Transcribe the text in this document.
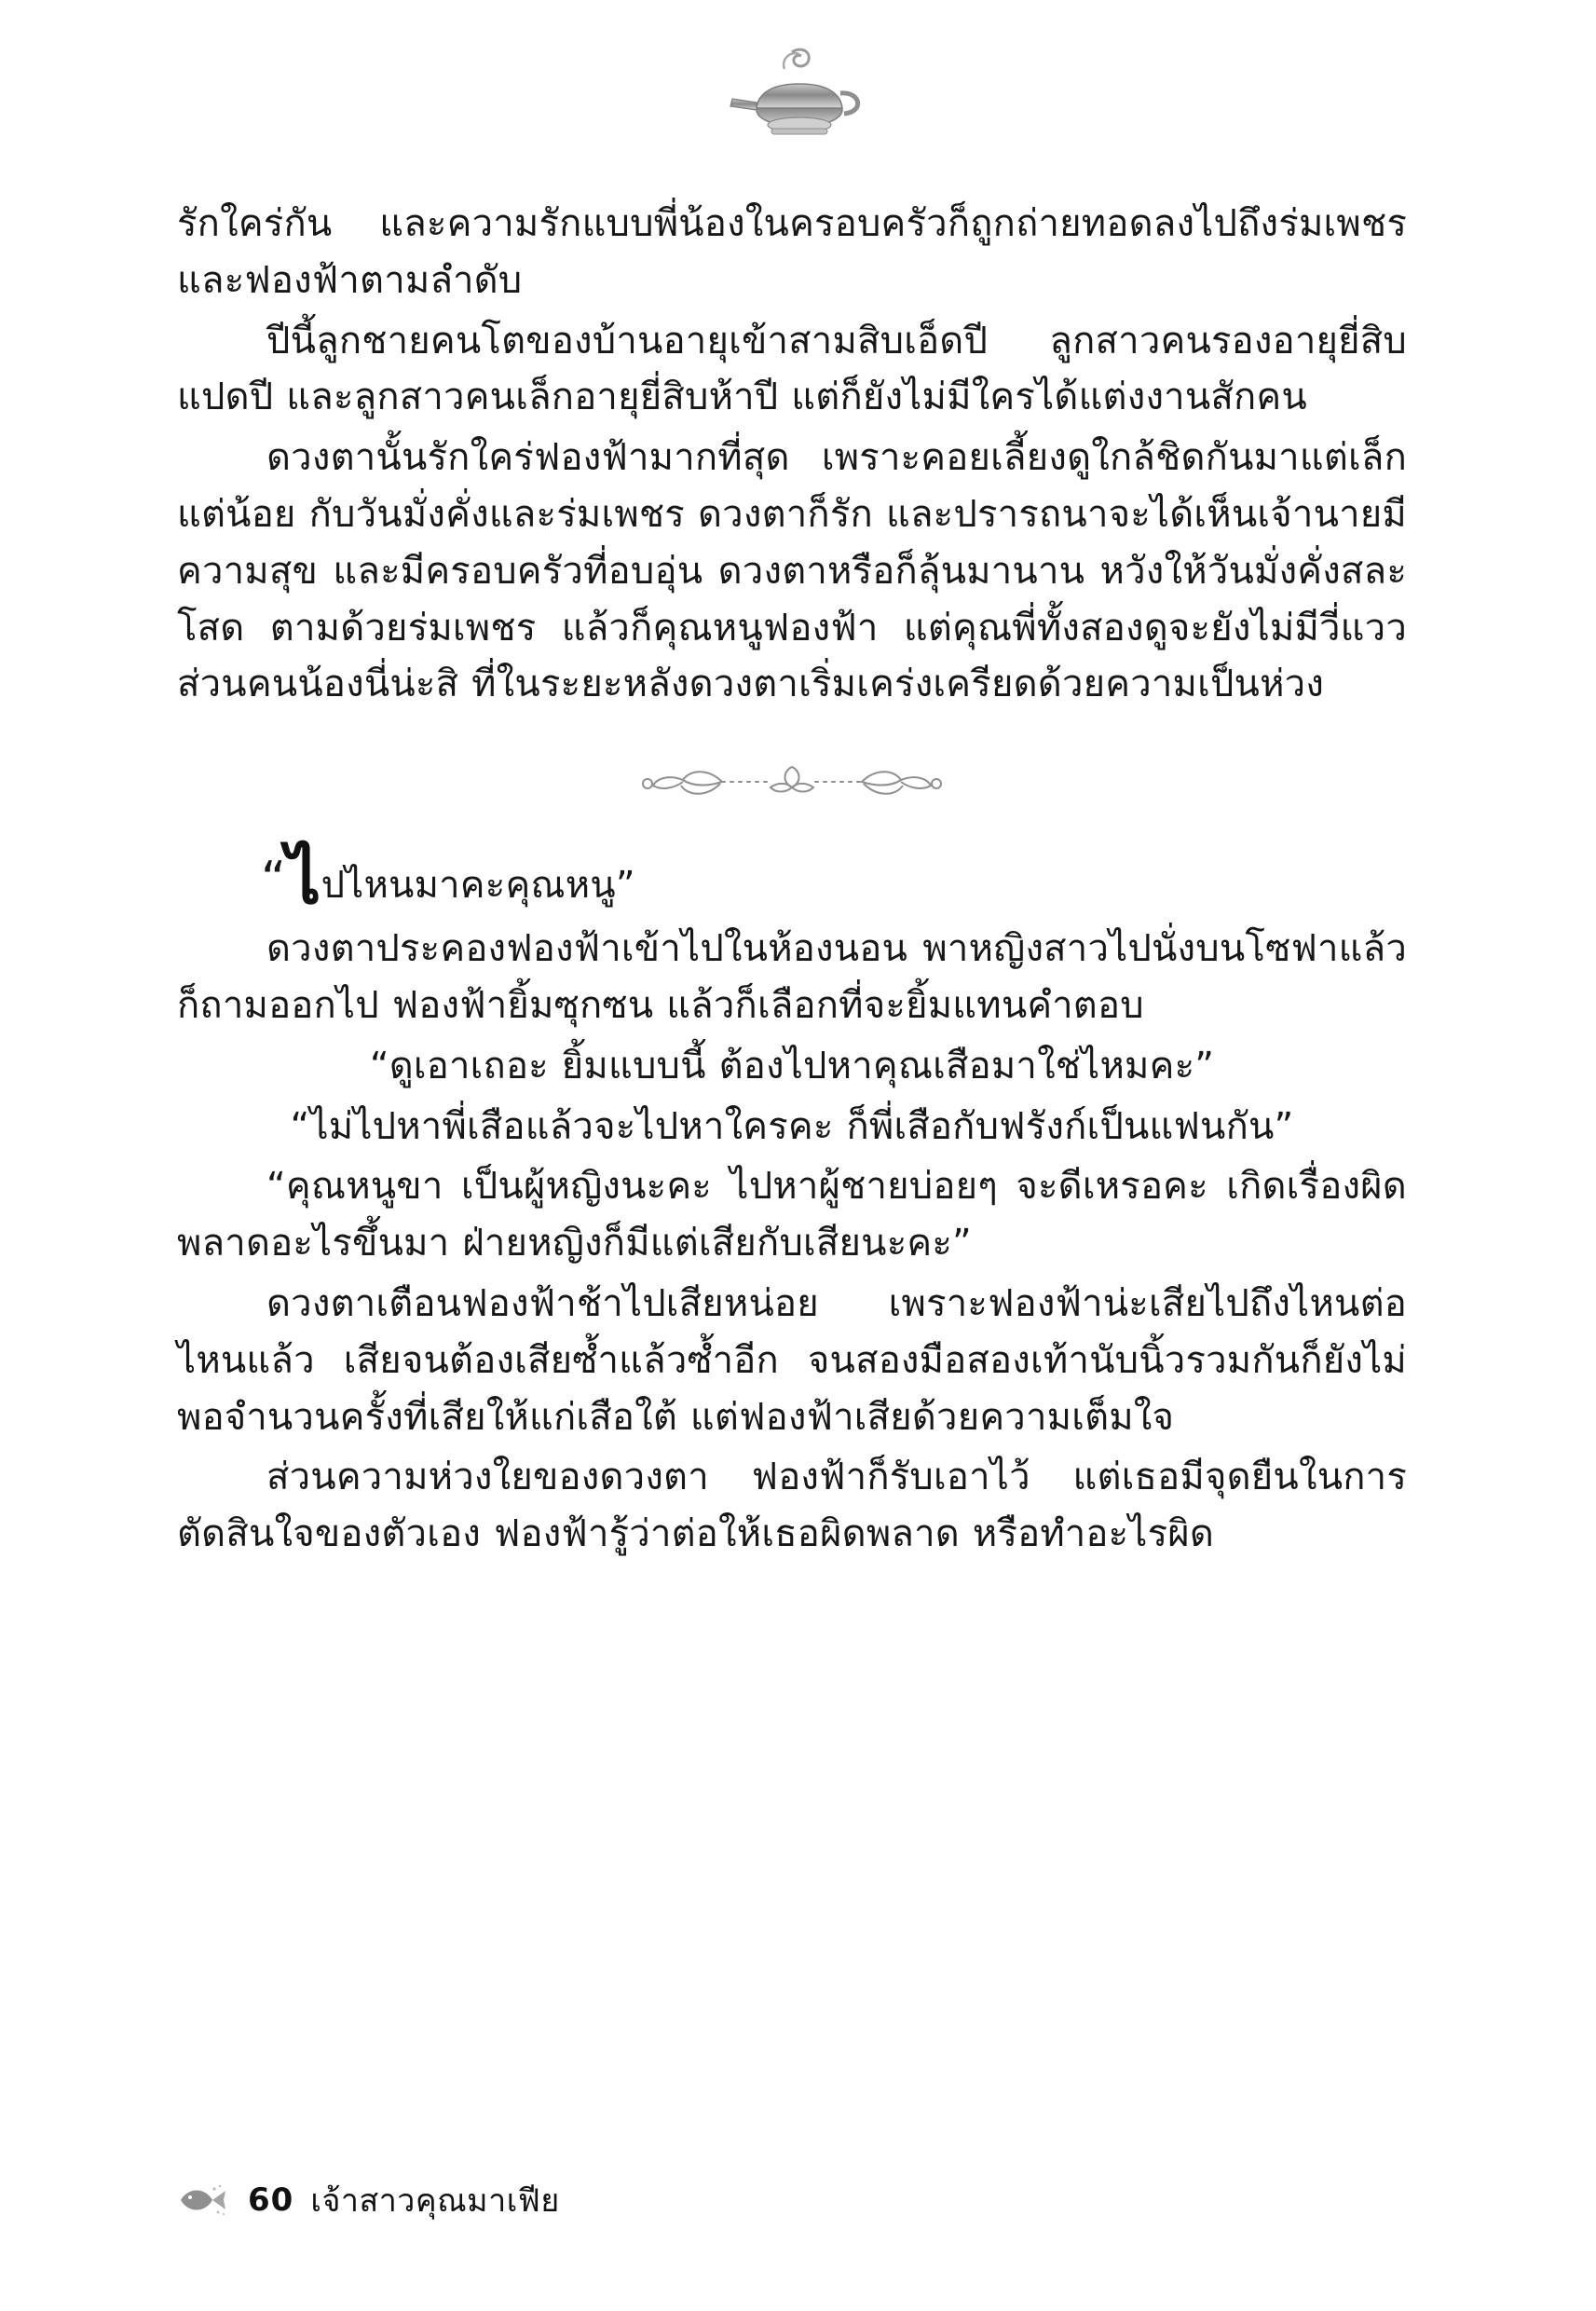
รักใคร่กัน และความรักแบบพี่น้องในครอบครัวก็ถูกถ่ายทอดลงไปถึงร่มเพชรและฟองฟ้าตามลำดับ

ปีนี้ลูกชายคนโตของบ้านอายุเข้าสามสิบเอ็ดปี ลูกสาวคนรองอายุยี่สิบแปดปี และลูกสาวคนเล็กอายุยี่สิบห้าปี แต่ก็ยังไม่มีใครได้แต่งงานสักคน

ดวงตานั้นรักใคร่ฟองฟ้ามากที่สุด เพราะคอยเลี้ยงดูใกล้ชิดกันมาแต่เล็กแต่น้อย กับวันมั่งคั่งและร่มเพชร ดวงตาก็รัก และปรารถนาจะได้เห็นเจ้านายมีความสุข และมีครอบครัวที่อบอุ่น ดวงตาหรือก็ลุ้นมานาน หวังให้วันมั่งคั่งสละโสด ตามด้วยร่มเพชร แล้วก็คุณหนูฟองฟ้า แต่คุณพี่ทั้งสองดูจะยังไม่มีวี่แวว ส่วนคนน้องนี่น่ะสิ ที่ในระยะหลังดวงตาเริ่มเคร่งเครียดด้วยความเป็นห่วง

“ไปไหนมาคะคุณหนู”

ดวงตาประคองฟองฟ้าเข้าไปในห้องนอน พาหญิงสาวไปนั่งบนโซฟาแล้วก็ถามออกไป ฟองฟ้ายิ้มซุกซน แล้วก็เลือกที่จะยิ้มแทนคำตอบ

“ดูเอาเถอะ ยิ้มแบบนี้ ต้องไปหาคุณเสือมาใช่ไหมคะ”

“ไม่ไปหาพี่เสือแล้วจะไปหาใครคะ ก็พี่เสือกับฟรังก์เป็นแฟนกัน”

“คุณหนูขา เป็นผู้หญิงนะคะ ไปหาผู้ชายบ่อยๆ จะดีเหรอคะ เกิดเรื่องผิดพลาดอะไรขึ้นมา ฝ่ายหญิงก็มีแต่เสียกับเสียนะคะ”

ดวงตาเตือนฟองฟ้าช้าไปเสียหน่อย เพราะฟองฟ้าน่ะเสียไปถึงไหนต่อไหนแล้ว เสียจนต้องเสียซ้ำแล้วซ้ำอีก จนสองมือสองเท้านับนิ้วรวมกันก็ยังไม่พอจำนวนครั้งที่เสียให้แก่เสือใต้ แต่ฟองฟ้าเสียด้วยความเต็มใจ

ส่วนความห่วงใยของดวงตา ฟองฟ้าก็รับเอาไว้ แต่เธอมีจุดยืนในการตัดสินใจของตัวเอง ฟองฟ้ารู้ว่าต่อให้เธอผิดพลาด หรือทำอะไรผิด

60 เจ้าสาวคุณมาเฟีย
